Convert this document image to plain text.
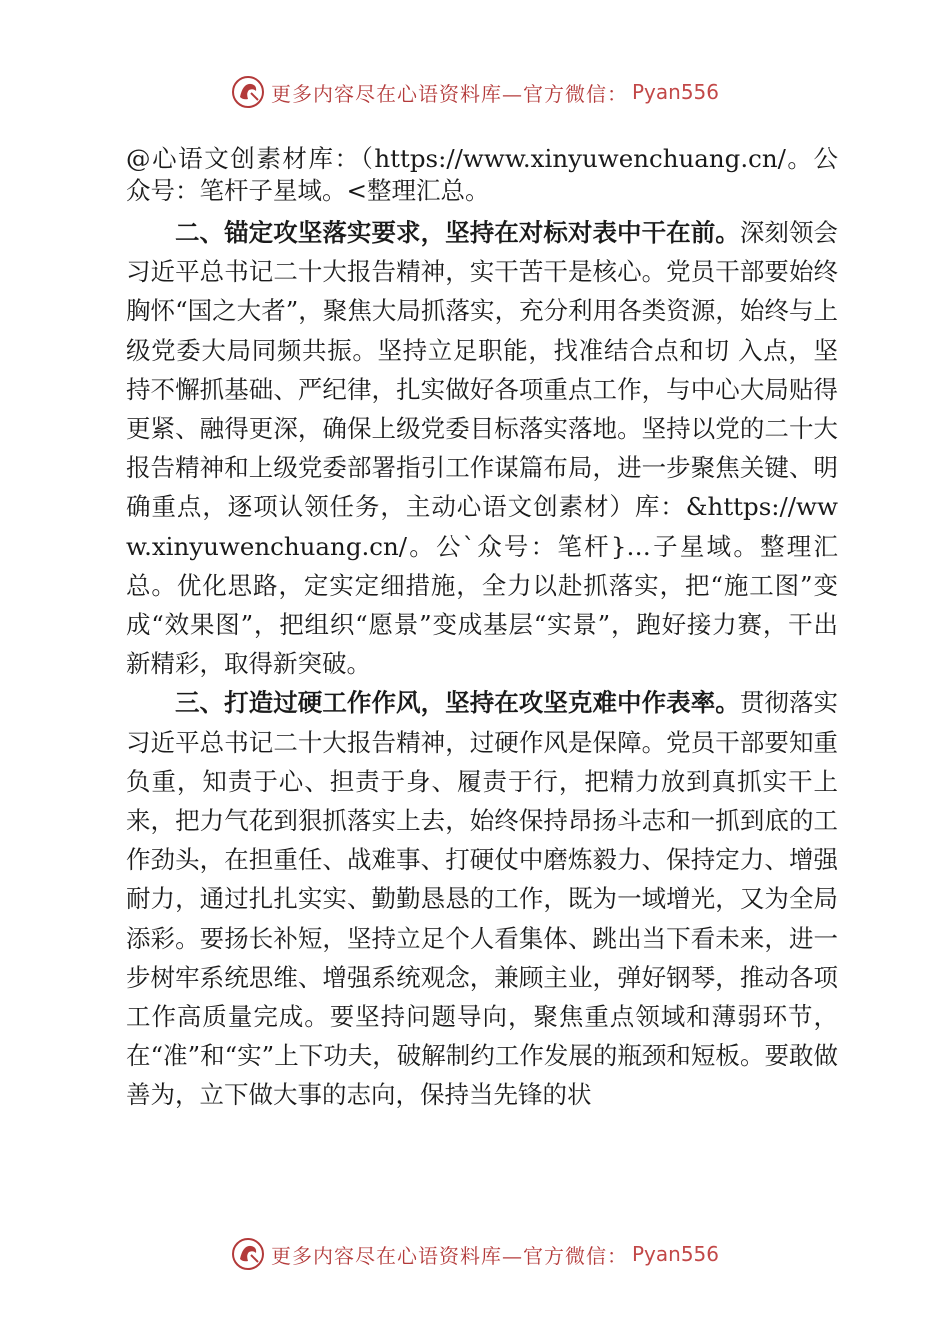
更多内容尽在心语资料库—官方微信： Pyan556

@心语文创素材库：（https://www.xinyuwenchuang.cn/。公众号：笔杆子星域。<整理汇总。

二、锚定攻坚落实要求，坚持在对标对表中干在前。深刻领会习近平总书记二十大报告精神，实干苦干是核心。党员干部要始终胸怀“国之大者”，聚焦大局抓落实，充分利用各类资源，始终与上级党委大局同频共振。坚持立足职能，找准结合点和切 入点，坚持不懈抓基础、严纪律，扎实做好各项重点工作，与中心大局贴得更紧、融得更深，确保上级党委目标落实落地。坚持以党的二十大报告精神和上级党委部署指引工作谋篇布局，进一步聚焦关键、明确重点，逐项认领任务，主动心语文创素材）库：&https://www.xinyuwenchuang.cn/。公`众号：笔杆}…子星域。整理汇总。优化思路，定实定细措施，全力以赴抓落实，把“施工图”变成“效果图”，把组织“愿景”变成基层“实景”，跑好接力赛，干出新精彩，取得新突破。

三、打造过硬工作作风，坚持在攻坚克难中作表率。贯彻落实习近平总书记二十大报告精神，过硬作风是保障。党员干部要知重负重，知责于心、担责于身、履责于行，把精力放到真抓实干上来，把力气花到狠抓落实上去，始终保持昂扬斗志和一抓到底的工作劲头，在担重任、战难事、打硬仗中磨炼毅力、保持定力、增强耐力，通过扎扎实实、勤勤恳恳的工作，既为一域增光，又为全局添彩。要扬长补短，坚持立足个人看集体、跳出当下看未来，进一步树牢系统思维、增强系统观念，兼顾主业，弹好钢琴，推动各项工作高质量完成。要坚持问题导向，聚焦重点领域和薄弱环节，在“准”和“实”上下功夫，破解制约工作发展的瓶颈和短板。要敢做善为，立下做大事的志向，保持当先锋的状

更多内容尽在心语资料库—官方微信： Pyan556
